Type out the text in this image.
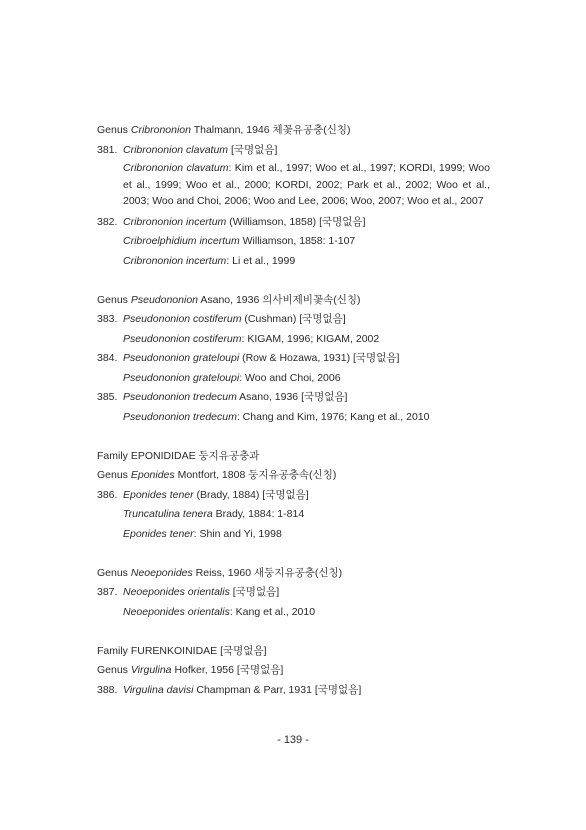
Genus Cribrononion Thalmann, 1946 체꽃유공충(신칭)
381. Cribrononion clavatum [국명없음]
Cribrononion clavatum: Kim et al., 1997; Woo et al., 1997; KORDI, 1999; Woo et al., 1999; Woo et al., 2000; KORDI, 2002; Park et al., 2002; Woo et al., 2003; Woo and Choi, 2006; Woo and Lee, 2006; Woo, 2007; Woo et al., 2007
382. Cribrononion incertum (Williamson, 1858) [국명없음]
Cribroelphidium incertum Williamson, 1858: 1-107
Cribrononion incertum: Li et al., 1999
Genus Pseudononion Asano, 1936 의사비제비꽃속(신칭)
383. Pseudononion costiferum (Cushman) [국명없음]
Pseudononion costiferum: KIGAM, 1996; KIGAM, 2002
384. Pseudononion grateloupi (Row & Hozawa, 1931) [국명없음]
Pseudononion grateloupi: Woo and Choi, 2006
385. Pseudononion tredecum Asano, 1936 [국명없음]
Pseudononion tredecum: Chang and Kim, 1976; Kang et al., 2010
Family EPONIDIDAE 둥지유공충과
Genus Eponides Montfort, 1808 둥지유공충속(신칭)
386. Eponides tener (Brady, 1884) [국명없음]
Truncatulina tenera Brady, 1884: 1-814
Eponides tener: Shin and Yi, 1998
Genus Neoeponides Reiss, 1960 새둥지유공충(신칭)
387. Neoeponides orientalis [국명없음]
Neoeponides orientalis: Kang et al., 2010
Family FURENKOINIDAE [국명없음]
Genus Virgulina Hofker, 1956 [국명없음]
388. Virgulina davisi Champman & Parr, 1931 [국명없음]
- 139 -
